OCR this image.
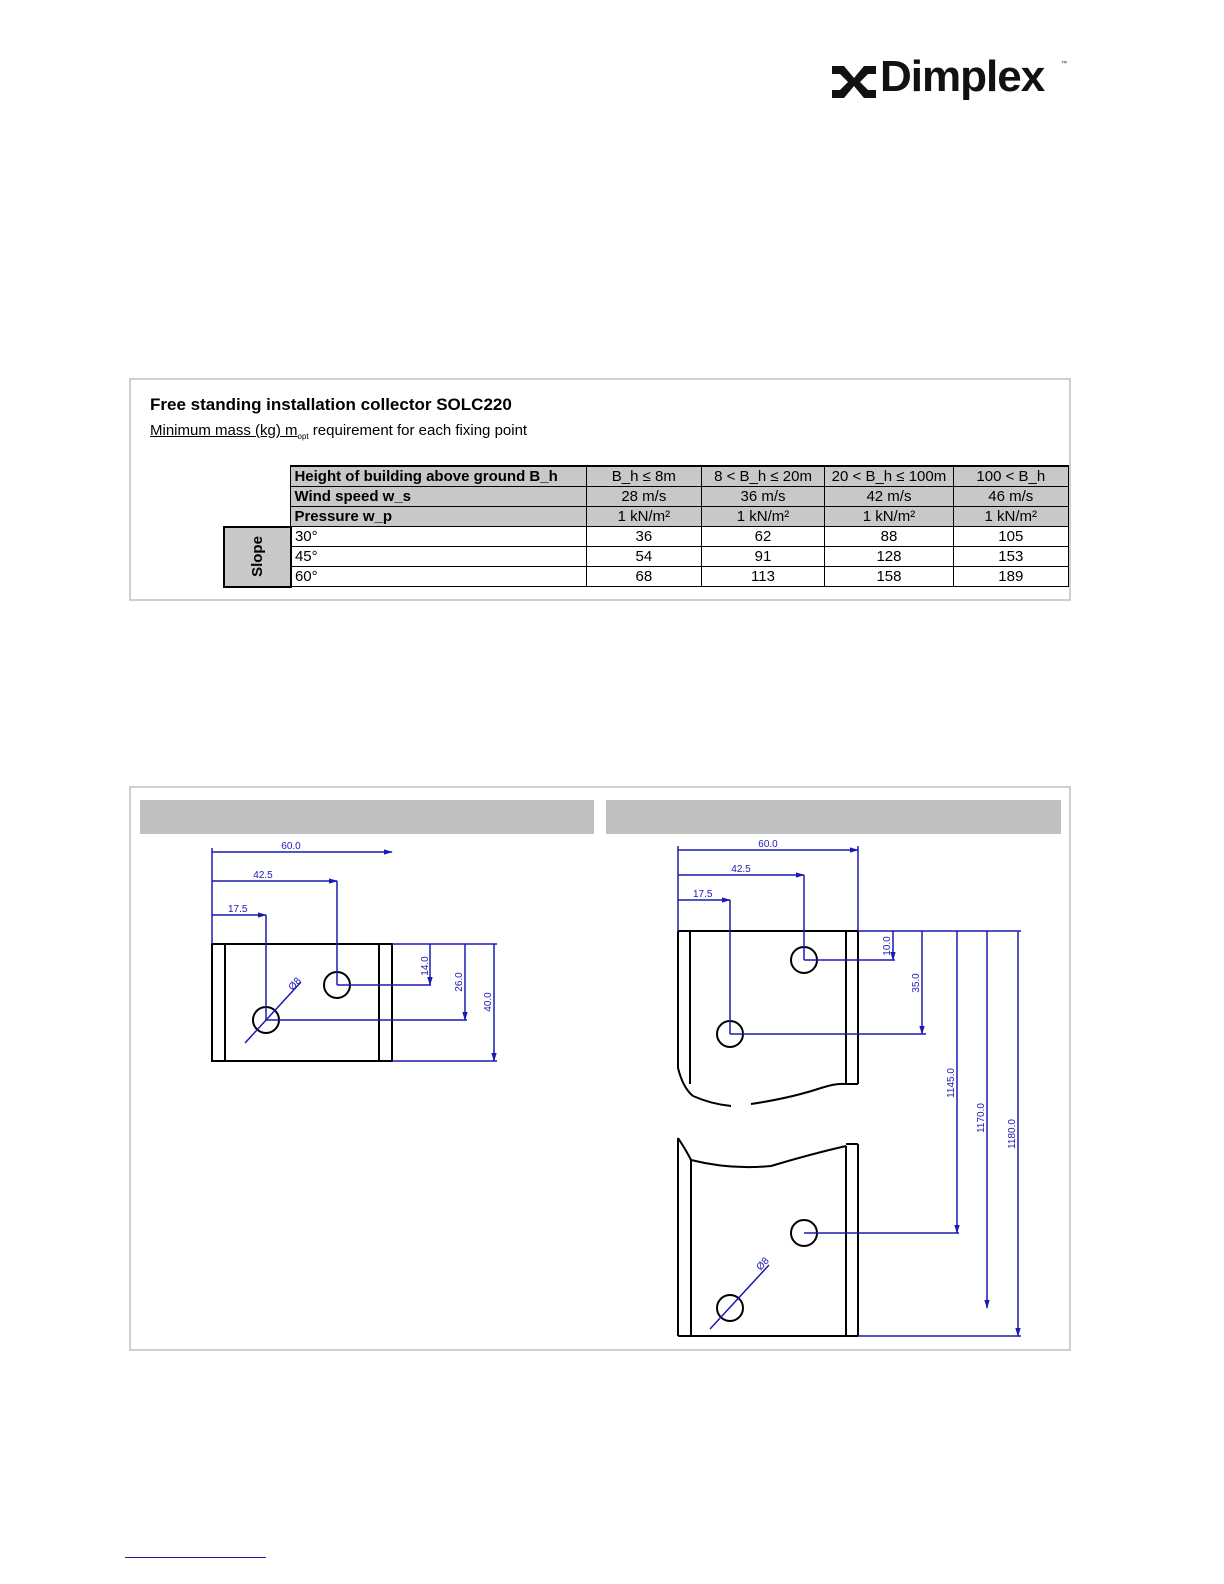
Dimplex	™
Free standing installation collector SOLC220
Minimum mass (kg) $m_{opt}$ requirement for each fixing point
	Height of building above ground B_h	B_h ≤ 8m	8 < B_h ≤ 20m	20 < B_h ≤ 100m	100 < B_h
	Wind speed w_s	28 m/s	36 m/s	42 m/s	46 m/s
	Pressure w_p	1 kN/m²	1 kN/m²	1 kN/m²	1 kN/m²

Slope	30°	36	62	88	105
	45°	54	91	128	153
	60°	68	113	158	189
60.0
42.5
17.5
14.0
26.0
40.0
Ø8
60.0
42.5
17.5
10.0
35.0
1145.0
1170.0
1180.0
Ø8
